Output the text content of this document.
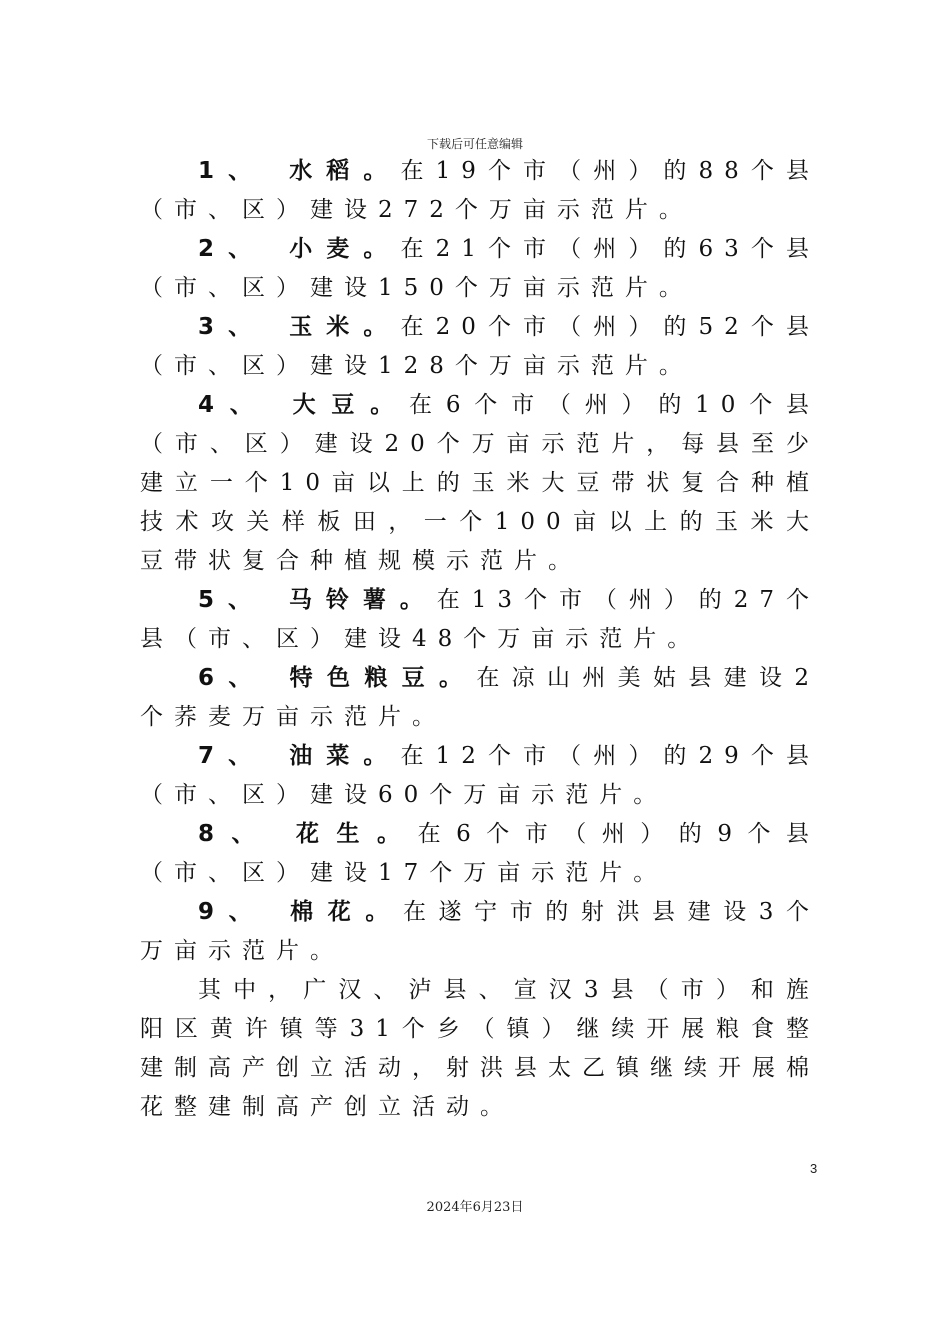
下载后可任意编辑

1、 水稻。在19个市（州）的88个县（市、区）建设272个万亩示范片。

2、 小麦。在21个市（州）的63个县（市、区）建设150个万亩示范片。

3、 玉米。在20个市（州）的52个县（市、区）建设128个万亩示范片。

4、 大豆。在6个市（州）的10个县（市、区）建设20个万亩示范片，每县至少建立一个10亩以上的玉米大豆带状复合种植技术攻关样板田，一个100亩以上的玉米大豆带状复合种植规模示范片。

5、 马铃薯。在13个市（州）的27个县（市、区）建设48个万亩示范片。

6、 特色粮豆。在凉山州美姑县建设2个荞麦万亩示范片。

7、 油菜。在12个市（州）的29个县（市、区）建设60个万亩示范片。

8、 花生。在6个市（州）的9个县（市、区）建设17个万亩示范片。

9、 棉花。在遂宁市的射洪县建设3个万亩示范片。

其中，广汉、泸县、宣汉3县（市）和旌阳区黄许镇等31个乡（镇）继续开展粮食整建制高产创立活动，射洪县太乙镇继续开展棉花整建制高产创立活动。

3
2024年6月23日
